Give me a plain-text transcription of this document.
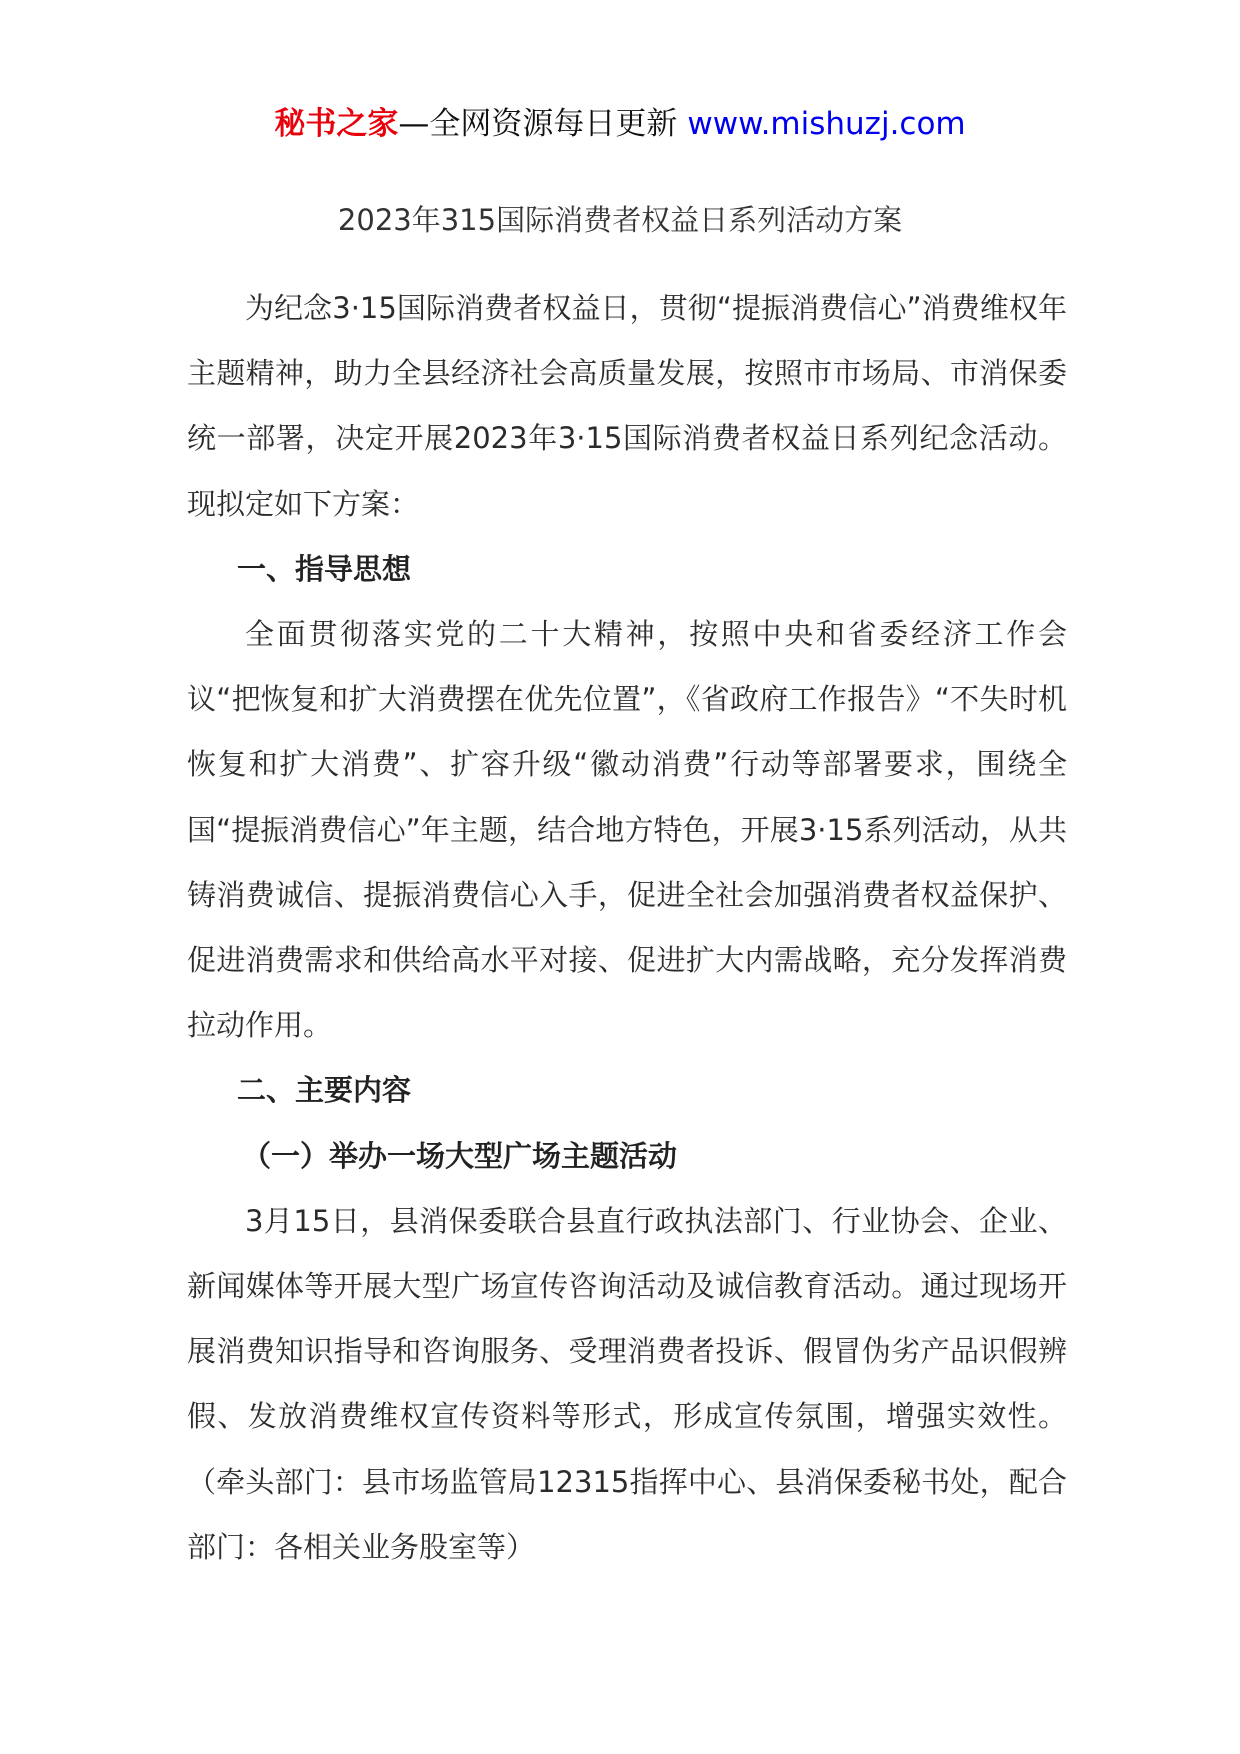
秘书之家—全网资源每日更新 www.mishuzj.com
2023年315国际消费者权益日系列活动方案

为纪念3·15国际消费者权益日，贯彻“提振消费信心”消费维权年主题精神，助力全县经济社会高质量发展，按照市市场局、市消保委统一部署，决定开展2023年3·15国际消费者权益日系列纪念活动。现拟定如下方案：

一、指导思想

全面贯彻落实党的二十大精神，按照中央和省委经济工作会议“把恢复和扩大消费摆在优先位置”，《省政府工作报告》“不失时机恢复和扩大消费”、扩容升级“徽动消费”行动等部署要求，围绕全国“提振消费信心”年主题，结合地方特色，开展3·15系列活动，从共铸消费诚信、提振消费信心入手，促进全社会加强消费者权益保护、促进消费需求和供给高水平对接、促进扩大内需战略，充分发挥消费拉动作用。

二、主要内容
（一）举办一场大型广场主题活动

3月15日，县消保委联合县直行政执法部门、行业协会、企业、新闻媒体等开展大型广场宣传咨询活动及诚信教育活动。通过现场开展消费知识指导和咨询服务、受理消费者投诉、假冒伪劣产品识假辨假、发放消费维权宣传资料等形式，形成宣传氛围，增强实效性。（牵头部门：县市场监管局12315指挥中心、县消保委秘书处，配合部门：各相关业务股室等）
